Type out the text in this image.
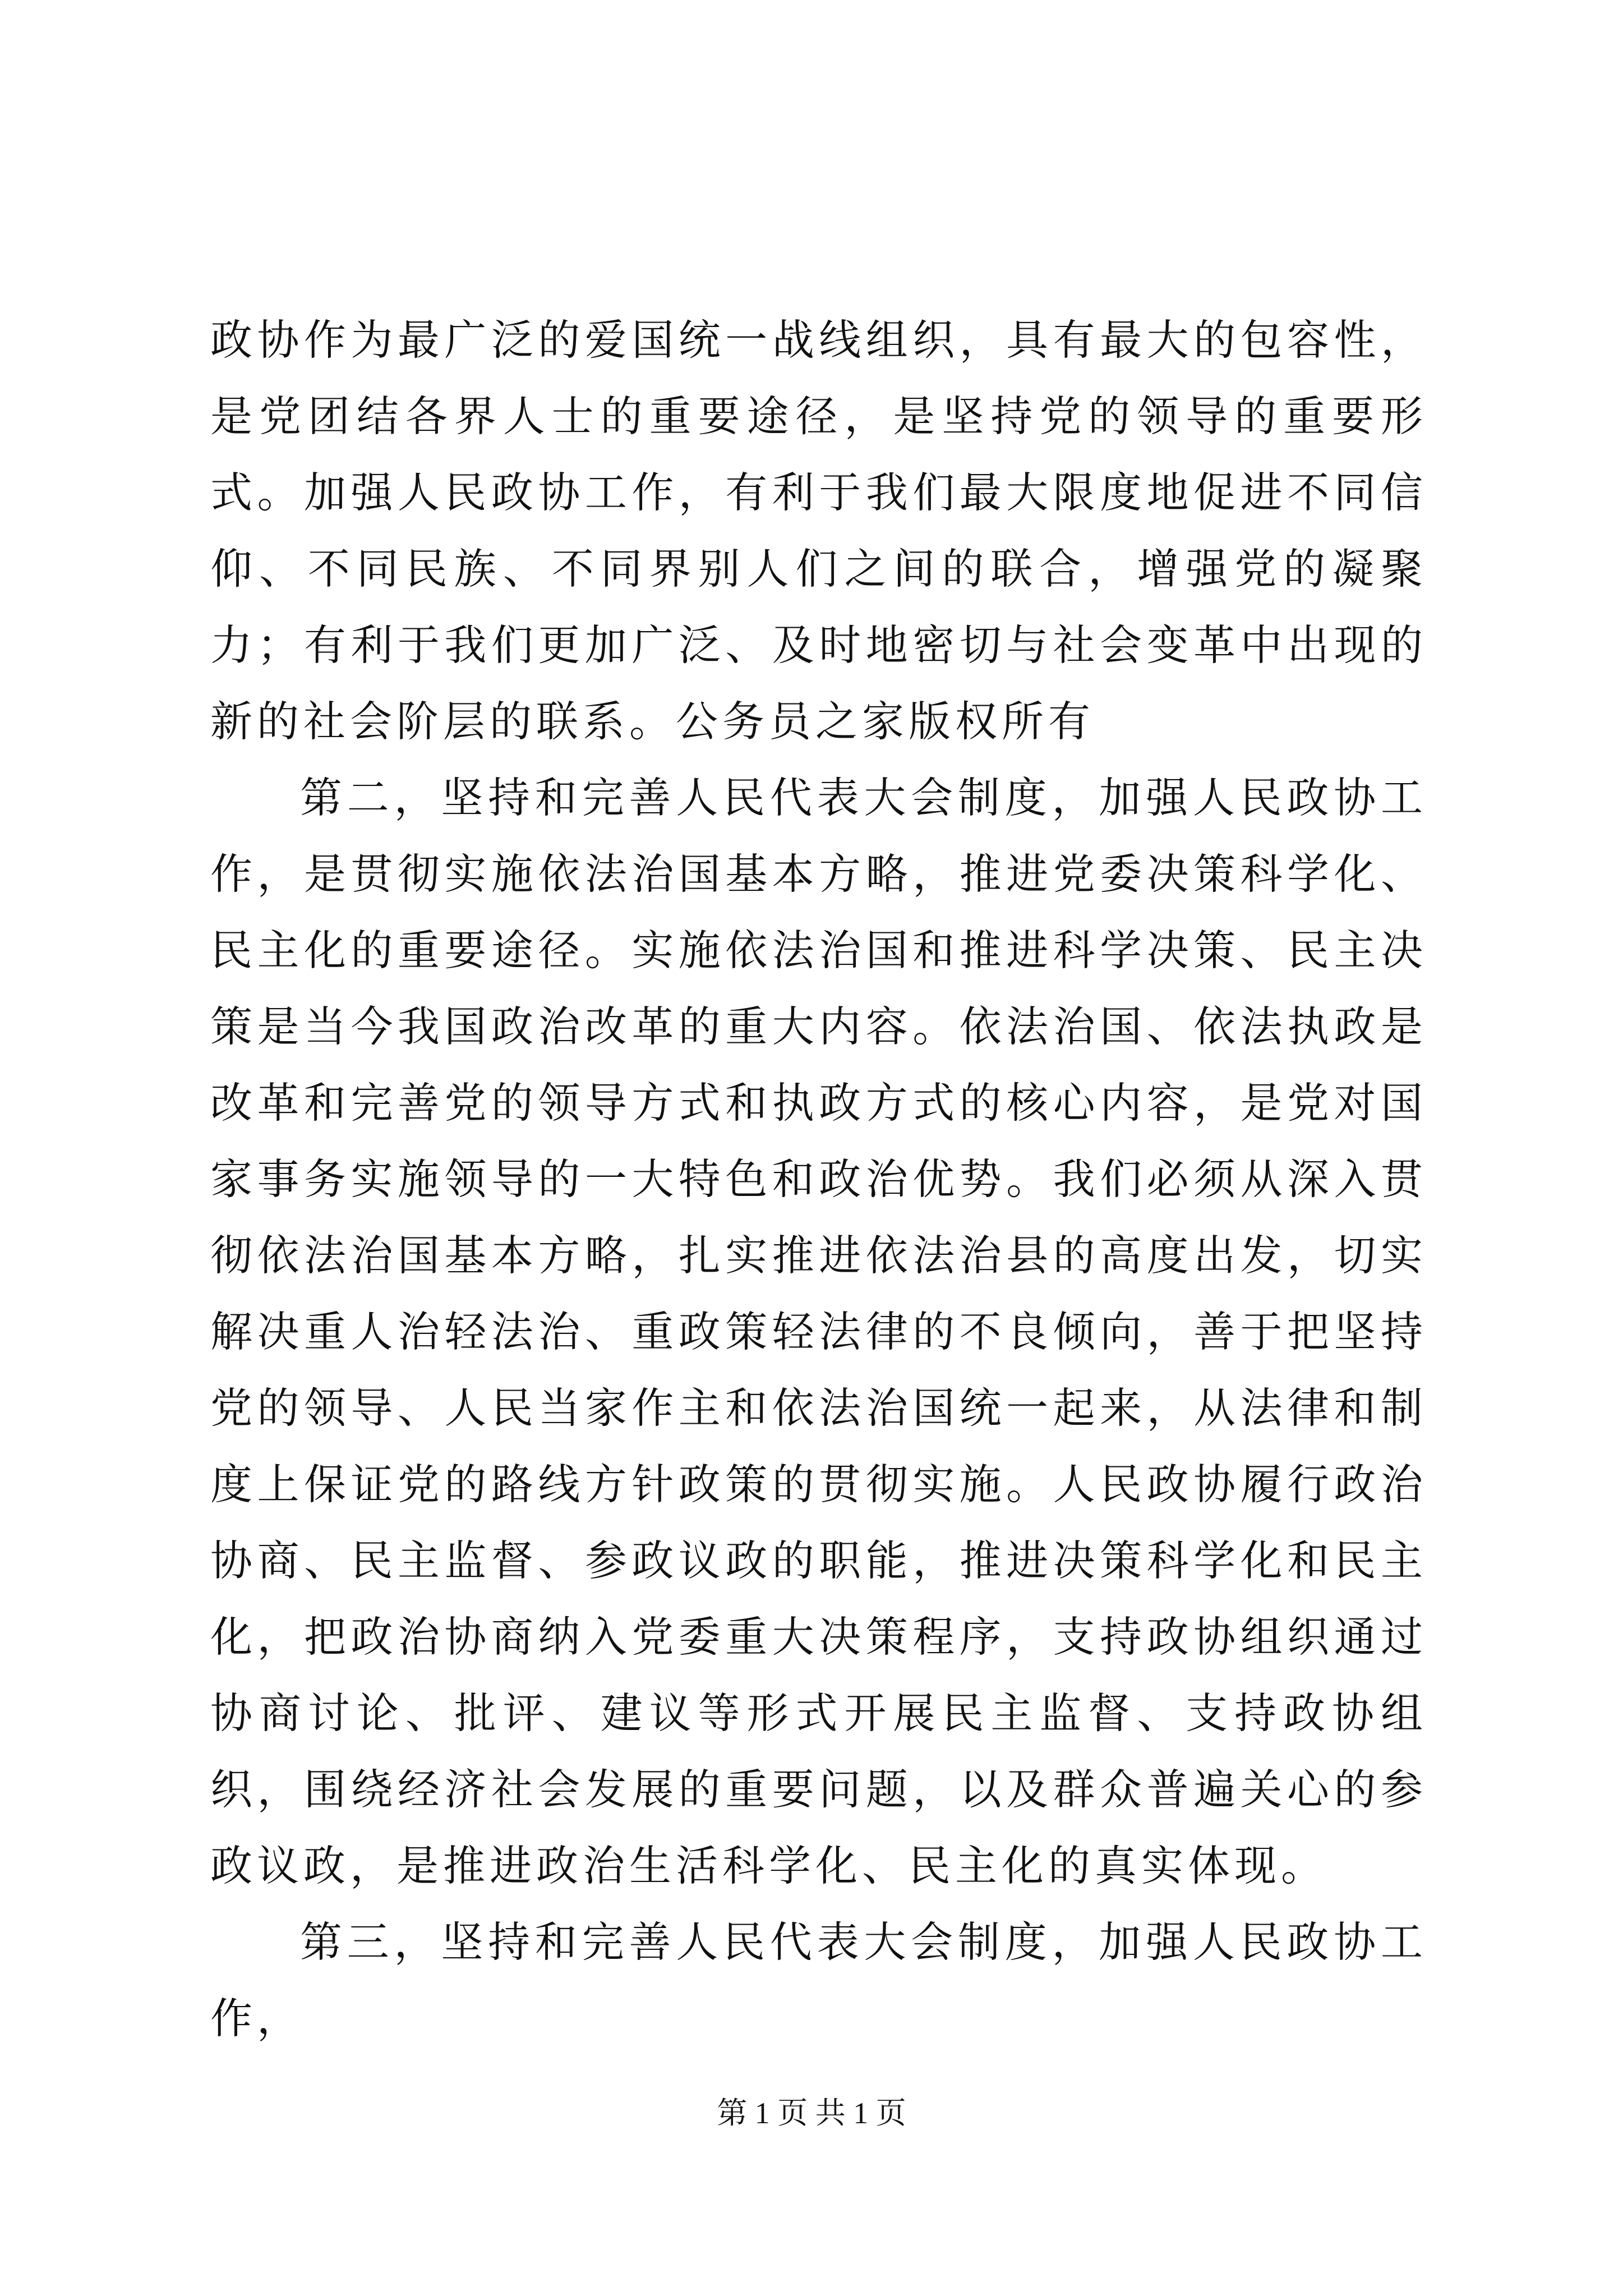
政协作为最广泛的爱国统一战线组织，具有最大的包容性，是党团结各界人士的重要途径，是坚持党的领导的重要形式。加强人民政协工作，有利于我们最大限度地促进不同信仰、不同民族、不同界别人们之间的联合，增强党的凝聚力；有利于我们更加广泛、及时地密切与社会变革中出现的新的社会阶层的联系。公务员之家版权所有

第二，坚持和完善人民代表大会制度，加强人民政协工作，是贯彻实施依法治国基本方略，推进党委决策科学化、民主化的重要途径。实施依法治国和推进科学决策、民主决策是当今我国政治改革的重大内容。依法治国、依法执政是改革和完善党的领导方式和执政方式的核心内容，是党对国家事务实施领导的一大特色和政治优势。我们必须从深入贯彻依法治国基本方略，扎实推进依法治县的高度出发，切实解决重人治轻法治、重政策轻法律的不良倾向，善于把坚持党的领导、人民当家作主和依法治国统一起来，从法律和制度上保证党的路线方针政策的贯彻实施。人民政协履行政治协商、民主监督、参政议政的职能，推进决策科学化和民主化，把政治协商纳入党委重大决策程序，支持政协组织通过协商讨论、批评、建议等形式开展民主监督、支持政协组织，围绕经济社会发展的重要问题，以及群众普遍关心的参政议政，是推进政治生活科学化、民主化的真实体现。

第三，坚持和完善人民代表大会制度，加强人民政协工作，

第 1 页 共 1 页
